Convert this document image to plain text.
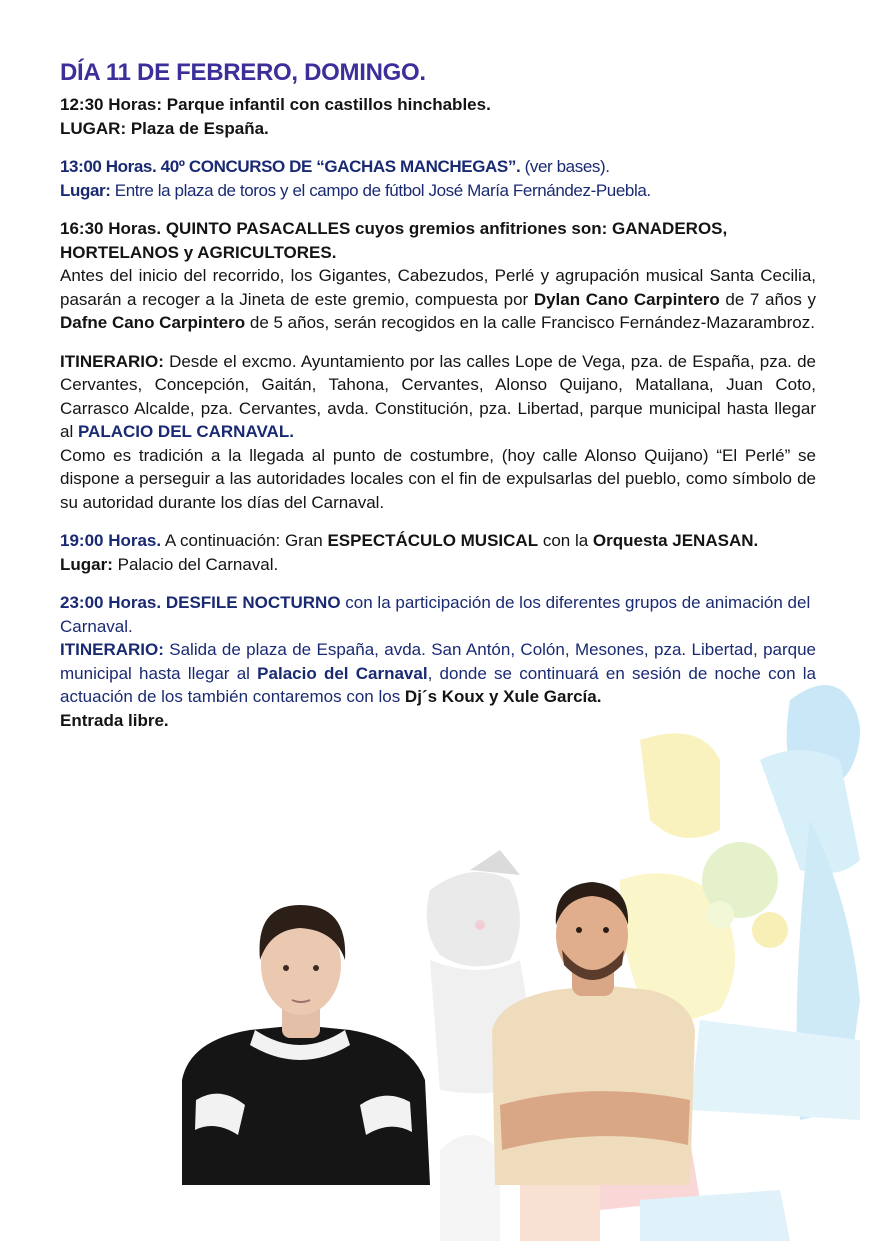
DÍA 11 DE FEBRERO, DOMINGO.

12:30 Horas: Parque infantil con castillos hinchables.

LUGAR: Plaza de España.

13:00 Horas. 40º CONCURSO DE “GACHAS MANCHEGAS”. (ver bases).

Lugar: Entre la plaza de toros y el campo de fútbol José María Fernández-Puebla.

16:30 Horas. QUINTO PASACALLES cuyos gremios anfitriones son: GANADEROS, HORTELANOS y AGRICULTORES.

Antes del inicio del recorrido, los Gigantes, Cabezudos, Perlé y agrupación musical Santa Cecilia, pasarán a recoger a la Jineta de este gremio, compuesta por Dylan Cano Carpintero de 7 años y Dafne Cano Carpintero de 5 años, serán recogidos en la calle Francisco Fernández-Mazarambroz.

ITINERARIO: Desde el excmo. Ayuntamiento por las calles Lope de Vega, pza. de España, pza. de Cervantes, Concepción, Gaitán, Tahona, Cervantes, Alonso Quijano, Matallana, Juan Coto, Carrasco Alcalde, pza. Cervantes, avda. Constitución, pza. Libertad, parque municipal hasta llegar al PALACIO DEL CARNAVAL.

Como es tradición a la llegada al punto de costumbre, (hoy calle Alonso Quijano) “El Perlé” se dispone a perseguir a las autoridades locales con el fin de expulsarlas del pueblo, como símbolo de su autoridad durante los días del Carnaval.

19:00 Horas. A continuación: Gran ESPECTÁCULO MUSICAL con la Orquesta JENASAN.

Lugar: Palacio del Carnaval.

23:00 Horas. DESFILE NOCTURNO con la participación de los diferentes grupos de animación del Carnaval.

ITINERARIO: Salida de plaza de España, avda. San Antón, Colón, Mesones, pza. Libertad, parque municipal hasta llegar al Palacio del Carnaval, donde se continuará en sesión de noche con la actuación de los también contaremos con los Dj´s Koux y Xule García.

Entrada libre.
